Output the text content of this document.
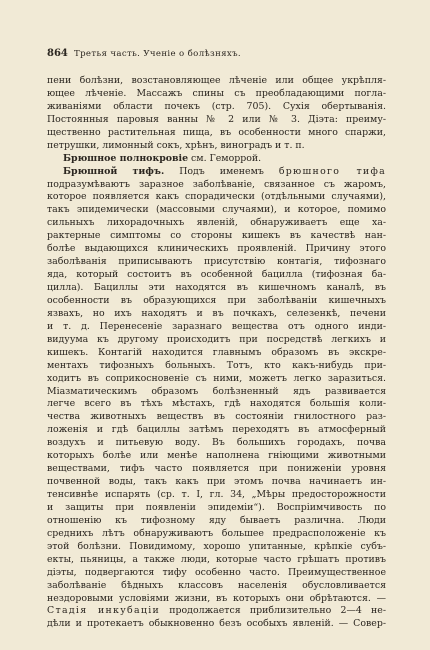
864 Третья часть. Ученіе о болѣзняхъ.
пени болѣзни, возстановляющее лѣченіе или общее укрѣпля-
ющее лѣченіе. Массажъ спины съ преобладающими погла-
живаніями области почекъ (стр. 705). Сухія обертыванія.
Постоянныя паровыя ванны № 2 или № 3. Діэта: преиму-
щественно растительная пища, въ особенности много спаржи,
петрушки, лимонный сокъ, хрѣнъ, виноградъ и т. п.
Брюшное полнокровіе см. Геморрой.
Брюшной тифъ. Подъ именемъ брюшного тифа
подразумѣваютъ заразное заболѣваніе, связанное съ жаромъ,
которое появляется какъ спорадически (отдѣльными случаями),
такъ эпидемически (массовыми случаями), и которое, помимо
сильныхъ лихорадочныхъ явленій, обнаруживаетъ еще ха-
рактерные симптомы со стороны кишекъ въ качествѣ нан-
болѣе выдающихся клиническихъ проявленій. Причину этого
заболѣванія приписываютъ присутствію контагія, тифознаго
яда, который состоитъ въ особенной бацилла (тифозная ба-
цилла). Бациллы эти находятся въ кишечномъ каналѣ, въ
особенности въ образующихся при заболѣваніи кишечныхъ
язвахъ, но ихъ находятъ и въ почкахъ, селезенкѣ, печени
и т. д. Перенесеніе заразнаго вещества отъ одного инди-
видуума къ другому происходитъ при посредствѣ легкихъ и
кишекъ. Контагій находится главнымъ образомъ въ экскре-
ментахъ тифозныхъ больныхъ. Тотъ, кто какъ-нибудь при-
ходитъ въ соприкосновеніе съ ними, можетъ легко заразиться.
Міазматическимъ образомъ болѣзненный ядъ развивается
легче всего въ тѣхъ мѣстахъ, гдѣ находятся большія коли-
чества животныхъ веществъ въ состояніи гнилостного раз-
ложенія и гдѣ бациллы затѣмъ переходятъ въ атмосферный
воздухъ и питьевую воду. Въ большихъ городахъ, почва
которыхъ болѣе или менѣе наполнена гніющими животными
веществами, тифъ часто появляется при пониженіи уровня
почвенной воды, такъ какъ при этомъ почва начинаетъ ин-
тенсивнѣе испарять (ср. т. I, гл. 34, „Мѣры предосторожности
и защиты при появленіи эпидеміи“). Воспріимчивость по
отношенію къ тифозному яду бываетъ различна. Люди
среднихъ лѣтъ обнаруживаютъ большее предрасположеніе къ
этой болѣзни. Повидимому, хорошо упитанные, крѣпкіе субъ-
екты, пьяницы, а также люди, которые часто грѣшатъ противъ
діэты, подвергаются тифу особенно часто. Преимущественное
заболѣваніе бѣдныхъ классовъ населенія обусловливается
нездоровыми условіями жизни, въ которыхъ они обрѣтаются. —
Стадія инкубаціи продолжается приблизительно 2—4 не-
дѣли и протекаетъ обыкновенно безъ особыхъ явленій. — Совер-
